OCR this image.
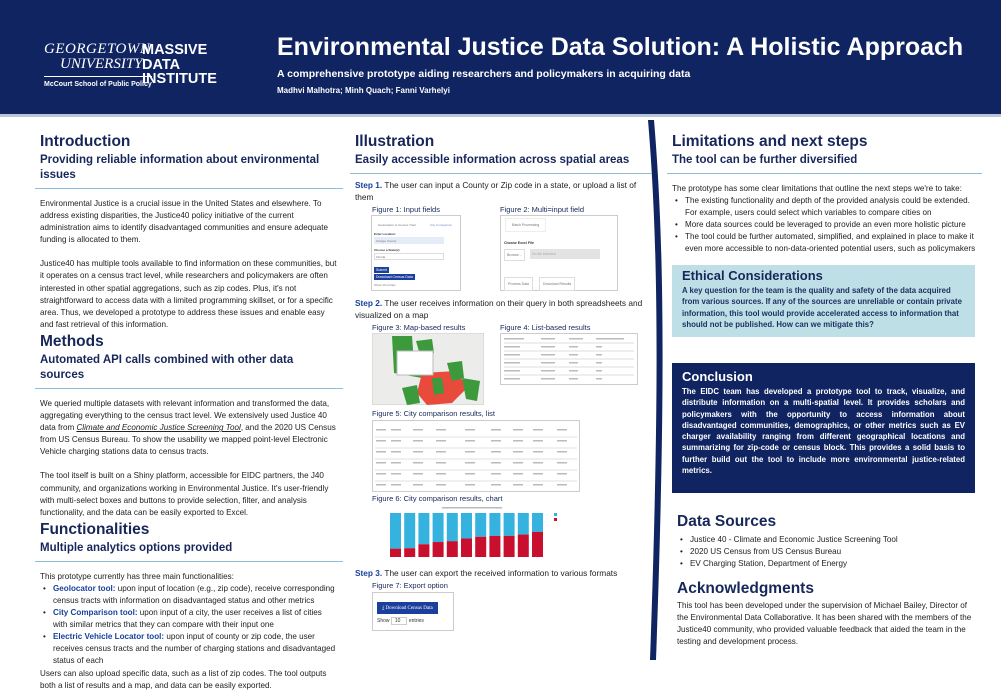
GEORGETOWN
UNIVERSITY
McCourt School of Public Policy
MASSIVE
DATA
INSTITUTE
Environmental Justice Data Solution: A Holistic Approach
A comprehensive prototype aiding researchers and policymakers in acquiring data
Madhvi Malhotra; Minh Quach; Fanni Varhelyi
Introduction
Providing reliable information about environmental issues

Environmental Justice is a crucial issue in the United States and elsewhere. To address existing disparities, the Justice40 policy initiative of the current administration aims to identify disadvantaged communities and ensure adequate funding is allocated to them.

Justice40 has multiple tools available to find information on these communities, but it operates on a census tract level, while researchers and policymakers are often interested in other spatial aggregations, such as zip codes. Plus, it's not straightforward to access data with a limited programming skillset, or for a specific area. Thus, we developed a prototype to address these issues and enable easy and fast retrieval of this information.

Methods
Automated API calls combined with other data sources

We queried multiple datasets with relevant information and transformed the data, aggregating everything to the census tract level. We extensively used Justice 40 data from Climate and Economic Justice Screening Tool, and the 2020 US Census from US Census Bureau. To show the usability we mapped point-level Electronic Vehicle charging stations data to census tracts.

The tool itself is built on a Shiny platform, accessible for EIDC partners, the J40 community, and organizations working in Environmental Justice. It's user-friendly with multi-select boxes and buttons to provide selection, filter, and analysis functionality, and the data can be easily exported to Excel.

Functionalities
Multiple analytics options provided

This prototype currently has three main functionalities:

• Geolocator tool: upon input of location (e.g., zip code), receive corresponding census tracts with information on disadvantaged status and other metrics
• City Comparison tool: upon input of a city, the user receives a list of cities with similar metrics that they can compare with their input one
• Electric Vehicle Locator tool: upon input of county or zip code, the user receives census tracts and the number of charging stations and disadvantaged status of each

Users can also upload specific data, such as a list of zip codes. The tool outputs both a list of results and a map, and data can be easily exported.

Illustration
Easily accessible information across spatial areas
Step 1. The user can input a County or Zip code in a state, or upload a list of them
Figure 1: Input fields	Figure 2: Multi=input field
Geolocation to Census Tract	City Comparison
Enter Location:
Orange County
Choose a State(s):
Florida
Submit
Download Census Data
Show 10 entries
Batch Processing
Choose Excel File
Browse...	No file selected
Process Data	Download Results
Step 2. The user receives information on their query in both spreadsheets and visualized on a map
Figure 3: Map-based results	Figure 4: List-based results
Figure 5: City comparison results, list
Figure 6: City comparison results, chart
Step 3. The user can export the received information to various formats
Figure 7: Export option
⤓ Download Census Data
Show 10 entries
Limitations and next steps
The tool can be further diversified

The prototype has some clear limitations that outline the next steps we're to take:

• The existing functionality and depth of the provided analysis could be extended. For example, users could select which variables to compare cities on
• More data sources could be leveraged to provide an even more holistic picture
• The tool could be further automated, simplified, and explained in place to make it even more accessible to non-data-oriented potential users, such as policymakers
Ethical Considerations

A key question for the team is the quality and safety of the data acquired from various sources. If any of the sources are unreliable or contain private information, this tool would provide accelerated access to information that should not be published. How can we mitigate this?

Conclusion

The EIDC team has developed a prototype tool to track, visualize, and distribute information on a multi-spatial level. It provides scholars and policymakers with the opportunity to access information about disadvantaged communities, demographics, or other metrics such as EV charger availability ranging from different geographical locations and summarizing for zip-code or census block. This provides a solid basis to further build out the tool to include more environmental justice-related metrics.

Data Sources
• Justice 40 - Climate and Economic Justice Screening Tool
• 2020 US Census from US Census Bureau
• EV Charging Station, Department of Energy
Acknowledgments

This tool has been developed under the supervision of Michael Bailey, Director of the Environmental Data Collaborative. It has been shared with the members of the Justice40 community, who provided valuable feedback that aided the team in the testing and development process.
